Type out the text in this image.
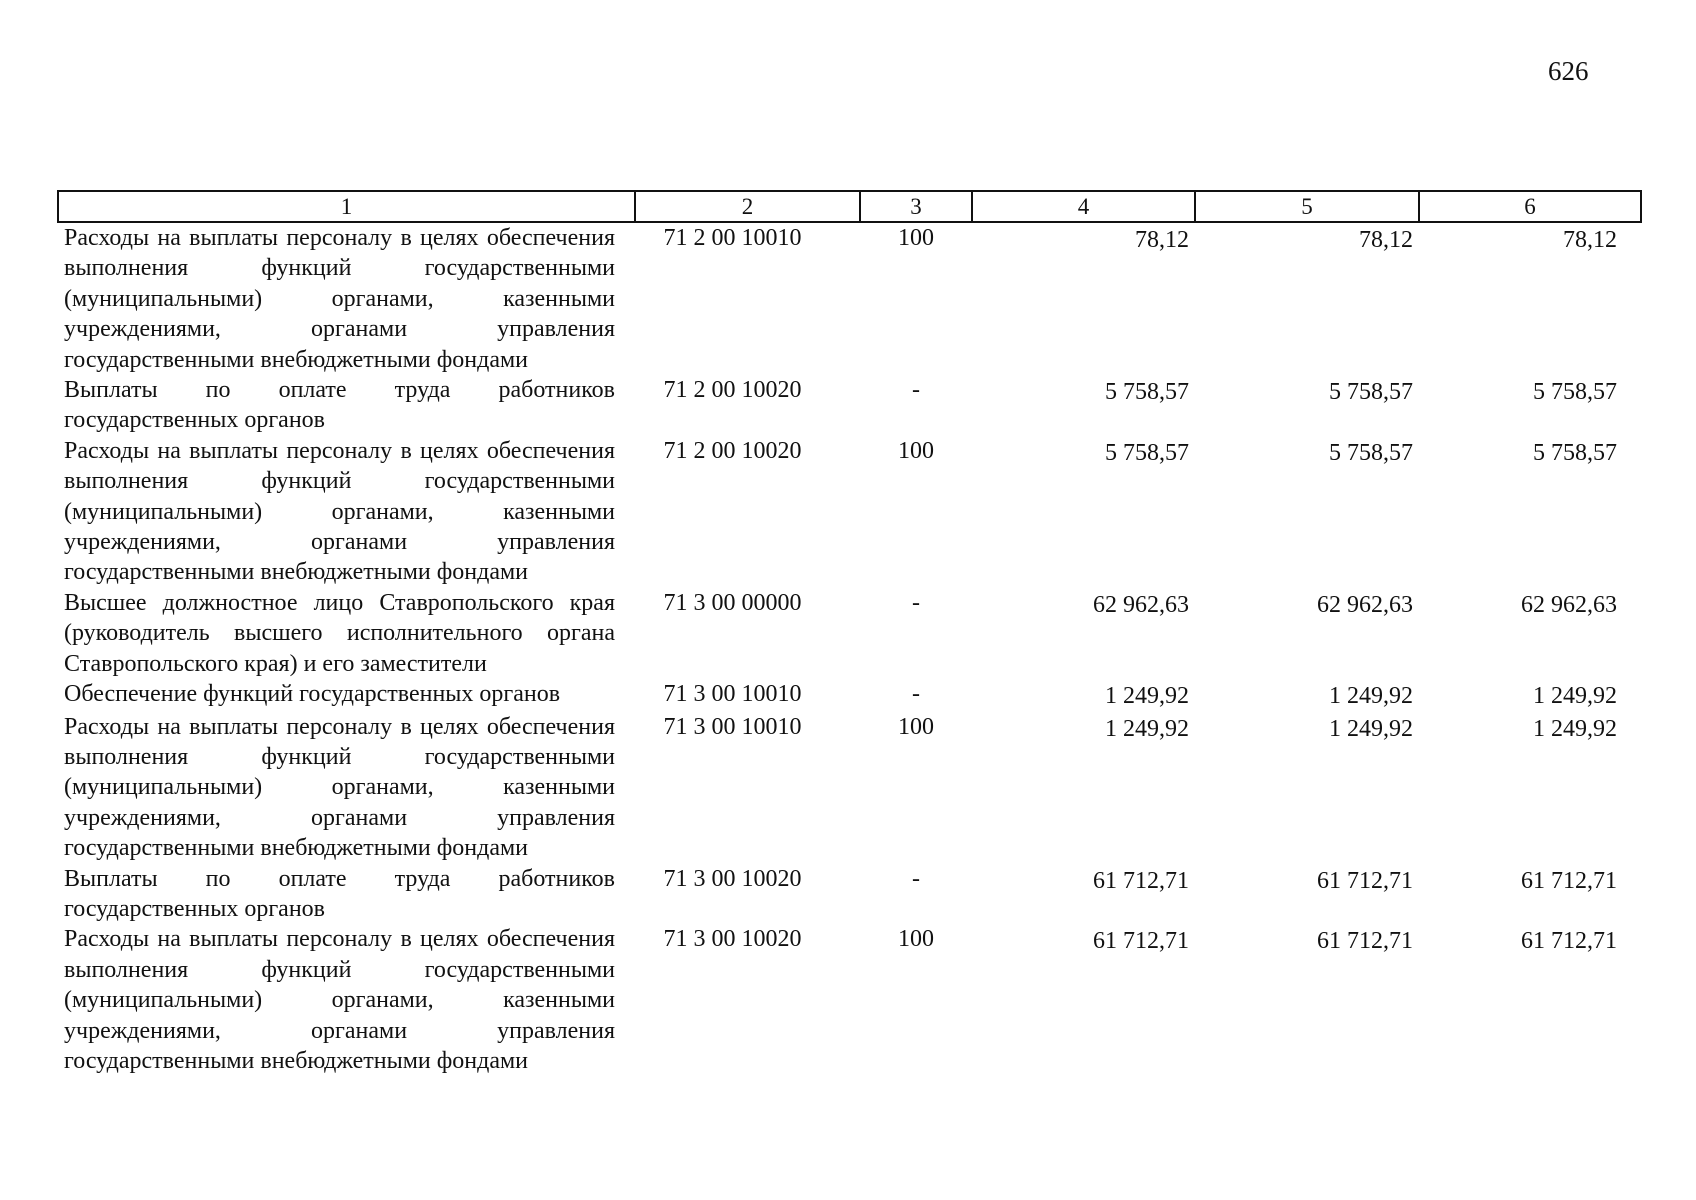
626
1	2	3	4	5	6
Расходы на выплаты персоналу в целях обеспечения выполнения функций государственными (муниципальными) органами, казенными учреждениями, органами управления государственными внебюджетными фондами	71 2 00 10010	100	78,12	78,12	78,12
Выплаты по оплате труда работников государственных органов	71 2 00 10020	-	5 758,57	5 758,57	5 758,57
Расходы на выплаты персоналу в целях обеспечения выполнения функций государственными (муниципальными) органами, казенными учреждениями, органами управления государственными внебюджетными фондами	71 2 00 10020	100	5 758,57	5 758,57	5 758,57
Высшее должностное лицо Ставропольского края (руководитель высшего исполнительного органа Ставропольского края) и его заместители	71 3 00 00000	-	62 962,63	62 962,63	62 962,63
Обеспечение функций государственных органов	71 3 00 10010	-	1 249,92	1 249,92	1 249,92
Расходы на выплаты персоналу в целях обеспечения выполнения функций государственными (муниципальными) органами, казенными учреждениями, органами управления государственными внебюджетными фондами	71 3 00 10010	100	1 249,92	1 249,92	1 249,92
Выплаты по оплате труда работников государственных органов	71 3 00 10020	-	61 712,71	61 712,71	61 712,71
Расходы на выплаты персоналу в целях обеспечения выполнения функций государственными (муниципальными) органами, казенными учреждениями, органами управления государственными внебюджетными фондами	71 3 00 10020	100	61 712,71	61 712,71	61 712,71
